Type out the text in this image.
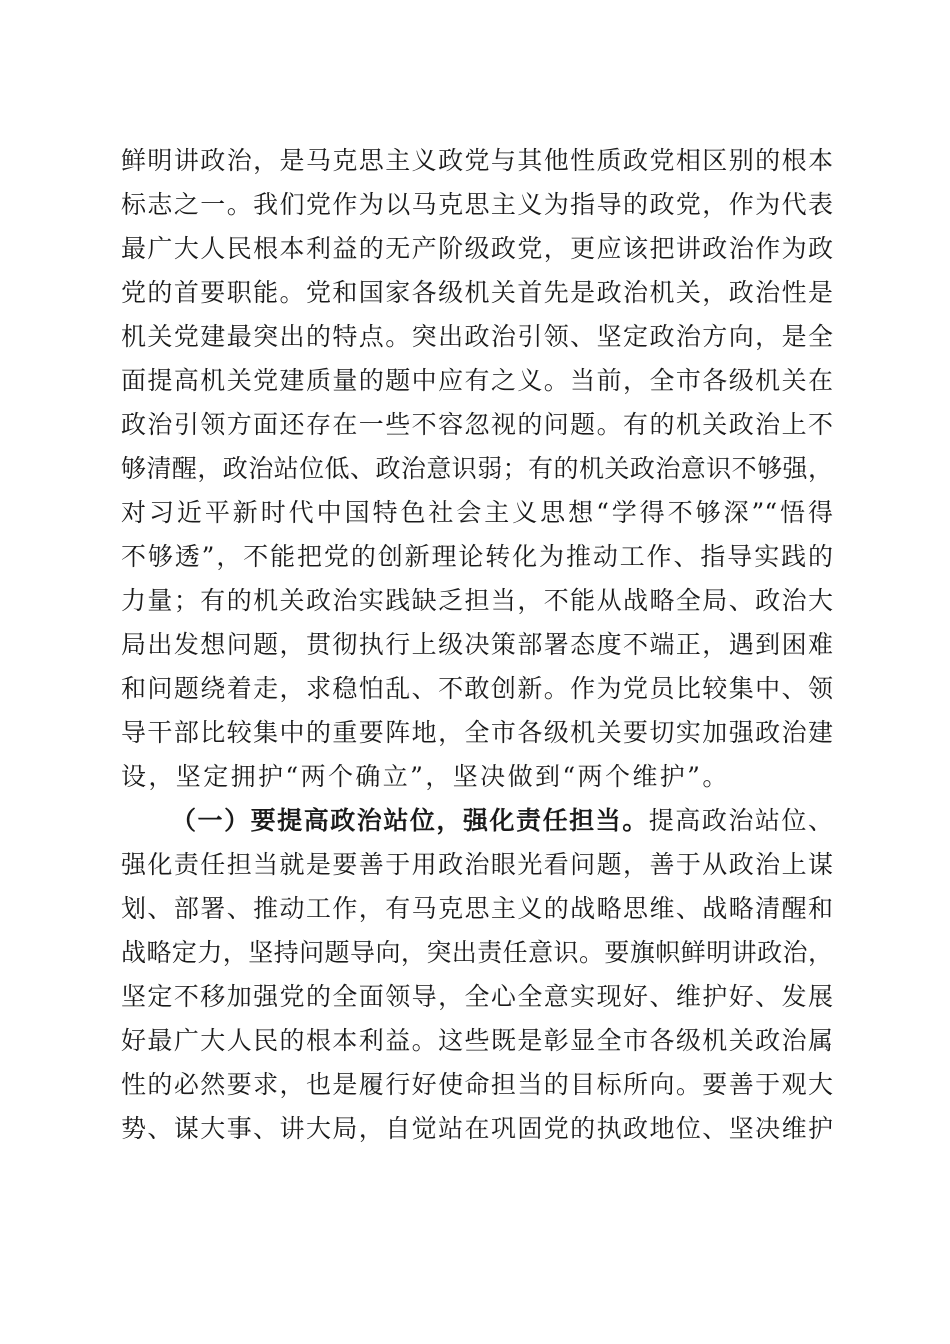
鲜明讲政治，是马克思主义政党与其他性质政党相区别的根本
标志之一。我们党作为以马克思主义为指导的政党，作为代表
最广大人民根本利益的无产阶级政党，更应该把讲政治作为政
党的首要职能。党和国家各级机关首先是政治机关，政治性是
机关党建最突出的特点。突出政治引领、坚定政治方向，是全
面提高机关党建质量的题中应有之义。当前，全市各级机关在
政治引领方面还存在一些不容忽视的问题。有的机关政治上不
够清醒，政治站位低、政治意识弱；有的机关政治意识不够强，
对习近平新时代中国特色社会主义思想“学得不够深”“悟得
不够透”，不能把党的创新理论转化为推动工作、指导实践的
力量；有的机关政治实践缺乏担当，不能从战略全局、政治大
局出发想问题，贯彻执行上级决策部署态度不端正，遇到困难
和问题绕着走，求稳怕乱、不敢创新。作为党员比较集中、领
导干部比较集中的重要阵地，全市各级机关要切实加强政治建
设，坚定拥护“两个确立”，坚决做到“两个维护”。
（一）要提高政治站位，强化责任担当。提高政治站位、
强化责任担当就是要善于用政治眼光看问题，善于从政治上谋
划、部署、推动工作，有马克思主义的战略思维、战略清醒和
战略定力，坚持问题导向，突出责任意识。要旗帜鲜明讲政治，
坚定不移加强党的全面领导，全心全意实现好、维护好、发展
好最广大人民的根本利益。这些既是彰显全市各级机关政治属
性的必然要求，也是履行好使命担当的目标所向。要善于观大
势、谋大事、讲大局，自觉站在巩固党的执政地位、坚决维护
